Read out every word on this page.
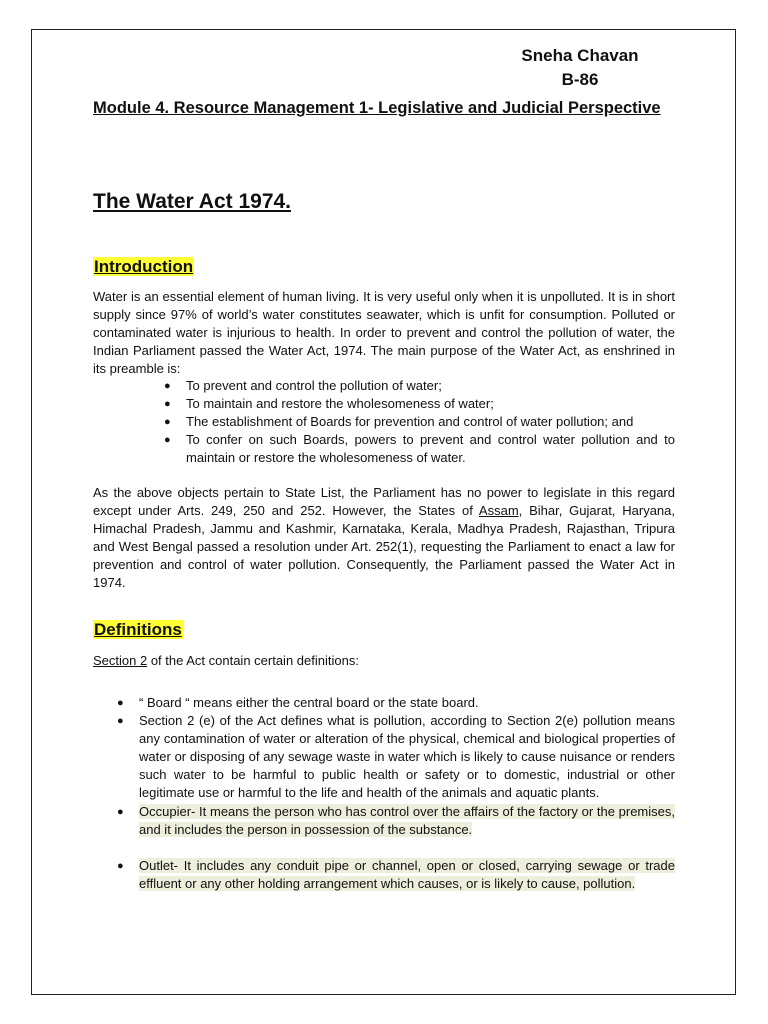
Sneha Chavan
B-86
Module 4. Resource Management 1- Legislative and Judicial Perspective
The Water Act 1974.
Introduction
Water is an essential element of human living. It is very useful only when it is unpolluted. It is in short supply since 97% of world’s water constitutes seawater, which is unfit for consumption. Polluted or contaminated water is injurious to health. In order to prevent and control the pollution of water, the Indian Parliament passed the Water Act, 1974. The main purpose of the Water Act, as enshrined in its preamble is:
● To prevent and control the pollution of water;
● To maintain and restore the wholesomeness of water;
● The establishment of Boards for prevention and control of water pollution; and
● To confer on such Boards, powers to prevent and control water pollution and to maintain or restore the wholesomeness of water.
As the above objects pertain to State List, the Parliament has no power to legislate in this regard except under Arts. 249, 250 and 252. However, the States of Assam, Bihar, Gujarat, Haryana, Himachal Pradesh, Jammu and Kashmir, Karnataka, Kerala, Madhya Pradesh, Rajasthan, Tripura and West Bengal passed a resolution under Art. 252(1), requesting the Parliament to enact a law for prevention and control of water pollution. Consequently, the Parliament passed the Water Act in 1974.
Definitions
Section 2 of the Act contain certain definitions:
● “ Board “ means either the central board or the state board.
● Section 2 (e) of the Act defines what is pollution, according to Section 2(e) pollution means any contamination of water or alteration of the physical, chemical and biological properties of water or disposing of any sewage waste in water which is likely to cause nuisance or renders such water to be harmful to public health or safety or to domestic, industrial or other legitimate use or harmful to the life and health of the animals and aquatic plants.
● Occupier- It means the person who has control over the affairs of the factory or the premises, and it includes the person in possession of the substance.
● Outlet- It includes any conduit pipe or channel, open or closed, carrying sewage or trade effluent or any other holding arrangement which causes, or is likely to cause, pollution.
